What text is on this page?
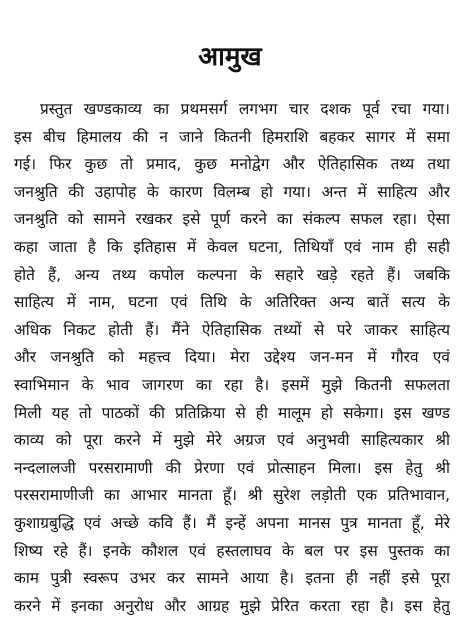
आमुख
प्रस्तुत खण्डकाव्य का प्रथमसर्ग लगभग चार दशक पूर्व रचा गया।
इस बीच हिमालय की न जाने कितनी हिमराशि बहकर सागर में समा
गई। फिर कुछ तो प्रमाद, कुछ मनोद्वेग और ऐतिहासिक तथ्य तथा
जनश्रुति की उहापोह के कारण विलम्ब हो गया। अन्त में साहित्य और
जनश्रुति को सामने रखकर इसे पूर्ण करने का संकल्प सफल रहा। ऐसा
कहा जाता है कि इतिहास में केवल घटना, तिथियाँ एवं नाम ही सही
होते हैं, अन्य तथ्य कपोल कल्पना के सहारे खड़े रहते हैं। जबकि
साहित्य में नाम, घटना एवं तिथि के अतिरिक्त अन्य बातें सत्य के
अधिक निकट होती हैं। मैंने ऐतिहासिक तथ्यों से परे जाकर साहित्य
और जनश्रुति को महत्त्व दिया। मेरा उद्देश्य जन-मन में गौरव एवं
स्वाभिमान के भाव जागरण का रहा है। इसमें मुझे कितनी सफलता
मिली यह तो पाठकों की प्रतिक्रिया से ही मालूम हो सकेगा। इस खण्ड
काव्य को पूरा करने में मुझे मेरे अग्रज एवं अनुभवी साहित्यकार श्री
नन्दलालजी परसरामाणी की प्रेरणा एवं प्रोत्साहन मिला। इस हेतु श्री
परसरामाणीजी का आभार मानता हूँ। श्री सुरेश लड़ोती एक प्रतिभावान,
कुशाग्रबुद्धि एवं अच्छे कवि हैं। मैं इन्हें अपना मानस पुत्र मानता हूँ, मेरे
शिष्य रहे हैं। इनके कौशल एवं हस्तलाघव के बल पर इस पुस्तक का
काम पुत्री स्वरूप उभर कर सामने आया है। इतना ही नहीं इसे पूरा
करने में इनका अनुरोध और आग्रह मुझे प्रेरित करता रहा है। इस हेतु
